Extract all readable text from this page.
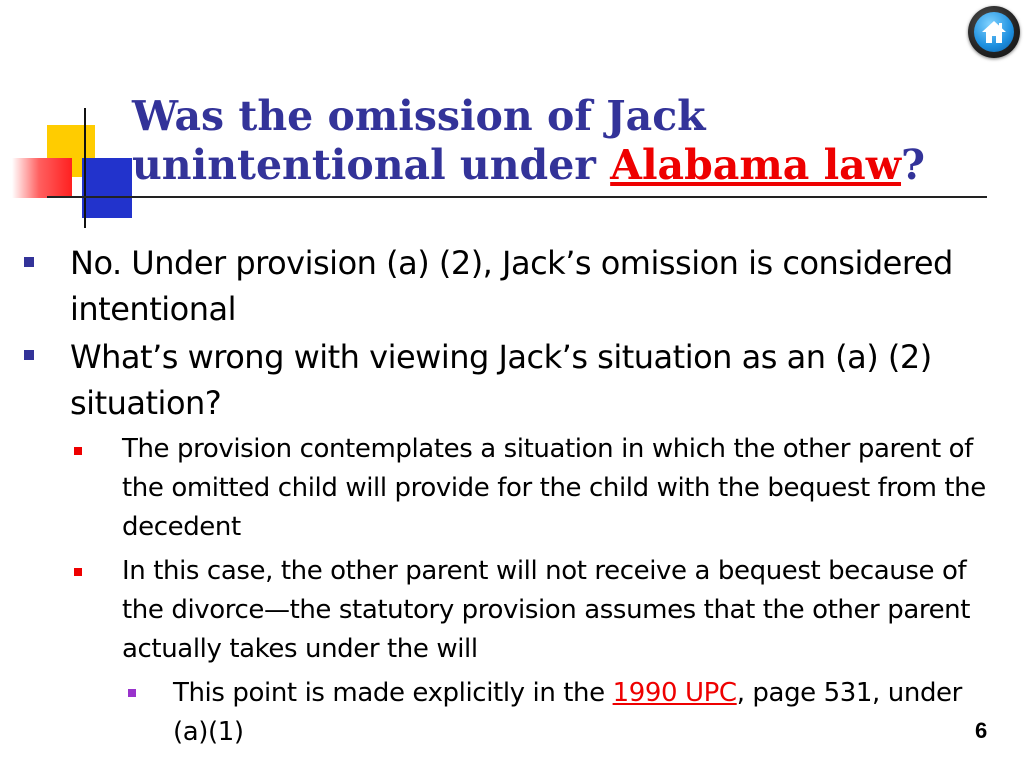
Was the omission of Jack unintentional under Alabama law?

No. Under provision (a) (2), Jack’s omission is considered intentional

What’s wrong with viewing Jack’s situation as an (a) (2) situation?

The provision contemplates a situation in which the other parent of the omitted child will provide for the child with the bequest from the decedent

In this case, the other parent will not receive a bequest because of the divorce—the statutory provision assumes that the other parent actually takes under the will

This point is made explicitly in the 1990 UPC, page 531, under (a)(1)	6
